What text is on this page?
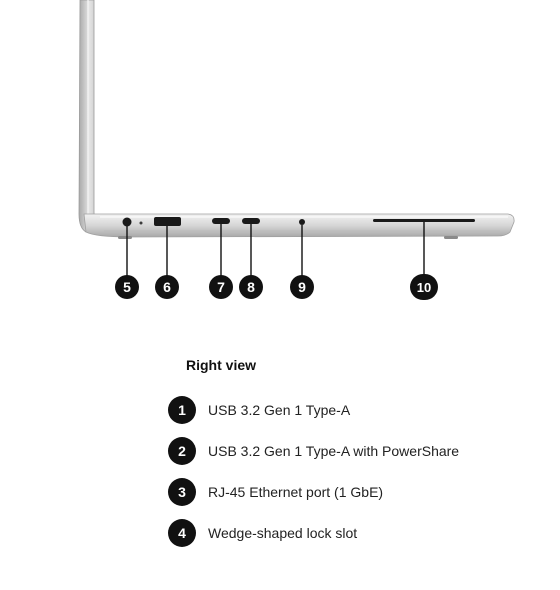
5	6	7	8	9	10
Right view
1	USB 3.2 Gen 1 Type-A
2	USB 3.2 Gen 1 Type-A with PowerShare
3	RJ-45 Ethernet port (1 GbE)
4	Wedge-shaped lock slot
